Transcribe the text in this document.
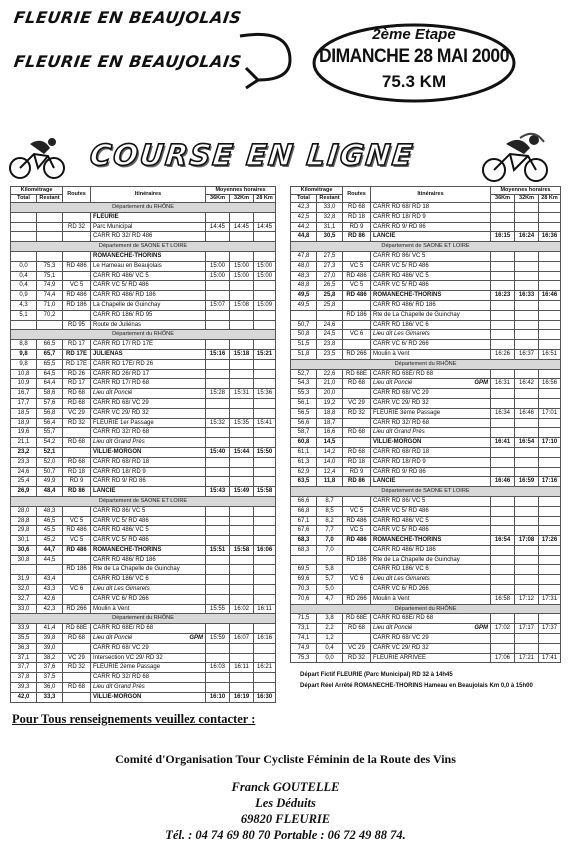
FLEURIE EN BEAUJOLAIS
FLEURIE EN BEAUJOLAIS
2ème Etape
DIMANCHE 28 MAI 2000
75.3 KM
COURSE EN LIGNE
Kilométrage		Routes	Itinéraires	Moyennes horaires		
Total	Restant			36Km	32Km	28 Km
Département du RHÔNE						
			FLEURIE			
		RD 32	Parc Municipal	14:45	14:45	14:45
			CARR RD 32/ RD 486			
Département de SAONE ET LOIRE						
			ROMANECHE-THORINS			
0,0	75,3	RD 486	Le Hameau en Beaujolais	15:00	15:00	15:00
0,4	75,1		CARR RD 486/ VC 5	15:00	15:00	15:00
0,4	74,9	VC 5	CARR VC 5/ RD 486			
0,9	74,4	RD 486	CARR RD 486/ RD 186			
4,3	71,0	RD 186	La Chapelle de Guinchay	15:07	15:08	15:09
5,1	70,2		CARR RD 186/ RD 95			
		RD 95	Route de Juliénas			
Département du RHÔNE						
8,8	66,5	RD 17	CARR RD 17/ RD 17E			
9,8	65,7	RD 17E	JULIENAS	15:16	15:18	15:21
9,8	65,5	RD 17E	CARR RD 17E/ RD 26			
10,8	64,5	RD 26	CARR RD 26/ RD 17			
10,9	64,4	RD 17	CARR RD 17/ RD 68			
16,7	58,6	RD 68	Lieu dit Poncié	15:28	15:31	15:36
17,7	57,6	RD 68	CARR RD 68/ VC 29			
18,5	56,8	VC 29	CARR VC 29/ RD 32			
18,9	56,4	RD 32	FLEURIE 1er Passage	15:32	15:35	15:41
19,6	55,7		CARR RD 32/ RD 68			
21,1	54,2	RD 68	Lieu dit Grand Près			
23,2	52,1		VILLIE-MORGON	15:40	15:44	15:50
23,3	52,0	RD 68	CARR RD 68/ RD 18			
24,6	50,7	RD 18	CARR RD 18/ RD 9			
25,4	49,9	RD 9	CARR RD 9/ RD 86			
26,9	48,4	RD 86	LANCIE	15:43	15:49	15:58
Département de SAONE ET LOIRE						
28,0	48,3		CARR RD 86/ VC 5			
28,8	46,5	VC 5	CARR VC 5/ RD 486			
29,8	45,5	RD 486	CARR RD 486/ VC 5			
30,1	45,2	VC 5	CARR VC 5/ RD 486			
30,6	44,7	RD 486	ROMANECHE-THORINS	15:51	15:58	16:06
30,8	44,5		CARR RD 486/ RD 186			
		RD 186	Rte de La Chapelle de Guinchay			
31,9	43,4		CARR RD 186/ VC 6			
32,0	43,3	VC 6	Lieu dit Les Gimarets			
32,7	42,6		CARR VC 6/ RD 266			
33,0	42,3	RD 266	Moulin à Vent	15:55	16:02	16:11
Département du RHÔNE						
33,9	41,4	RD 68E	CARR RD 68E/ RD 68			
35,5	39,8	RD 68	Lieu dit Poncié GPM	15:59	16:07	16:16
36,3	39,0		CARR RD 68/ VC 29			
37,1	38,2	VC 29	Intersection VC 29/ RD 32			
37,7	37,6	RD 32	FLEURIE 2ème Passage	16:03	16:11	16:21
37,8	37,5		CARR RD 32/ RD 68			
39,3	36,0	RD 68	Lieu dit Grand Près			
42,0	33,3		VILLIE-MORGON	16:10	16:19	16:30
Kilométrage		Routes	Itinéraires	Moyennes horaires		
Total	Restant			36Km	32Km	28 Km
42,3	33,0	RD 68	CARR RD 68/ RD 18			
42,5	32,8	RD 18	CARR RD 18/ RD 9			
44,2	31,1	RD 9	CARR RD 9/ RD 86			
44,8	30,5	RD 86	LANCIE	16:15	16:24	16:36
Département de SAONE ET LOIRE						
47,8	27,5		CARR RD 86/ VC 5			
48,0	27,3	VC 5	CARR VC 5/ RD 486			
48,3	27,0	RD 486	CARR RD 486/ VC 5			
48,8	26,5	VC 5	CARR VC 5/ RD 486			
49,5	25,8	RD 486	ROMANECHE-THORINS	16:23	16:33	16:46
49,5	25,8		CARR RD 486/ RD 186			
		RD 186	Rte de La Chapelle de Guinchay			
50,7	24,6		CARR RD 186/ VC 6			
50,8	24,5	VC 6	Lieu dit Les Gimarets			
51,5	23,8		CARR VC 6/ RD 266			
51,8	23,5	RD 266	Moulin à Vent	16:26	16:37	16:51
Département du RHÔNE						
52,7	22,6	RD 68E	CARR RD 68E/ RD 68			
54,3	21,0	RD 68	Lieu dit Poncié GPM	16:31	16:42	16:56
55,3	20,0		CARR RD 68/ VC 29			
56,1	19,2	VC 29	CARR VC 29/ RD 32			
56,5	18,8	RD 32	FLEURIE 3ème Passage	16:34	16:46	17:01
56,6	18,7		CARR RD 32/ RD 68			
58,7	16,6	RD 68	Lieu dit Grand Près			
60,8	14,5		VILLIE-MORGON	16:41	16:54	17:10
61,1	14,2	RD 68	CARR RD 68/ RD 18			
61,3	14,0	RD 18	CARR RD 18/ RD 9			
62,9	12,4	RD 9	CARR RD 9/ RD 86			
63,5	11,8	RD 86	LANCIE	16:46	16:59	17:16
Département de SAONE ET LOIRE						
66,6	8,7		CARR RD 86/ VC 5			
66,8	8,5	VC 5	CARR VC 5/ RD 486			
67,1	8,2	RD 486	CARR RD 486/ VC 5			
67,6	7,7	VC 5	CARR VC 5/ RD 486			
68,3	7,0	RD 486	ROMANECHE-THORINS	16:54	17:08	17:26
68,3	7,0		CARR RD 486/ RD 186			
		RD 186	Rte de La Chapelle de Guinchay			
69,5	5,8		CARR RD 186/ VC 6			
69,6	5,7	VC 6	Lieu dit Les Gimarets			
70,3	5,0		CARR VC 6/ RD 266			
70,6	4,7	RD 266	Moulin à Vent	16:58	17:12	17:31
Département du RHÔNE						
71,5	3,8	RD 68E	CARR RD 68E/ RD 68			
73,1	2,2	RD 68	Lieu dit Poncié GPM	17:02	17:17	17:37
74,1	1,2		CARR RD 68/ VC 29			
74,9	0,4	VC 29	CARR VC 29/ RD 32			
75,3	0,0	RD 32	FLEURIE ARRIVEE	17:06	17:21	17:41
Départ Fictif FLEURIE (Parc Municipal) RD 32 à 14h45
Départ Réel Arrêté ROMANECHE-THORINS Hameau en Beaujolais Km 0,0 à 15h00
Pour Tous renseignements veuillez contacter :
Comité d'Organisation Tour Cycliste Féminin de la Route des Vins
Franck GOUTELLE
Les Déduits
69820 FLEURIE
Tél. : 04 74 69 80 70 Portable : 06 72 49 88 74.
